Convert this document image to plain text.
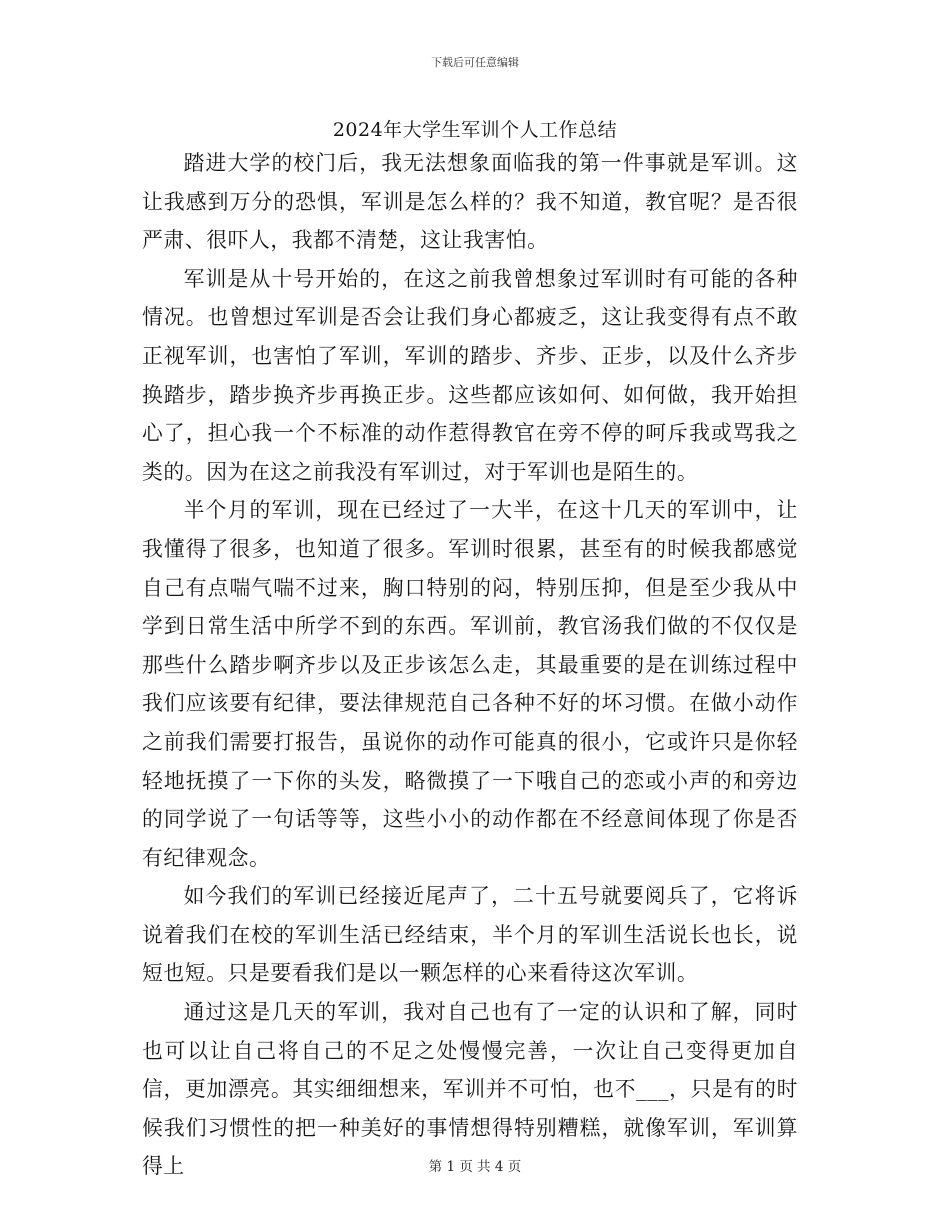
下载后可任意编辑
2024年大学生军训个人工作总结

踏进大学的校门后，我无法想象面临我的第一件事就是军训。这让我感到万分的恐惧，军训是怎么样的？我不知道，教官呢？是否很严肃、很吓人，我都不清楚，这让我害怕。

军训是从十号开始的，在这之前我曾想象过军训时有可能的各种情况。也曾想过军训是否会让我们身心都疲乏，这让我变得有点不敢正视军训，也害怕了军训，军训的踏步、齐步、正步，以及什么齐步换踏步，踏步换齐步再换正步。这些都应该如何、如何做，我开始担心了，担心我一个不标准的动作惹得教官在旁不停的呵斥我或骂我之类的。因为在这之前我没有军训过，对于军训也是陌生的。

半个月的军训，现在已经过了一大半，在这十几天的军训中，让我懂得了很多，也知道了很多。军训时很累，甚至有的时候我都感觉自己有点喘气喘不过来，胸口特别的闷，特别压抑，但是至少我从中学到日常生活中所学不到的东西。军训前，教官汤我们做的不仅仅是那些什么踏步啊齐步以及正步该怎么走，其最重要的是在训练过程中我们应该要有纪律，要法律规范自己各种不好的坏习惯。在做小动作之前我们需要打报告，虽说你的动作可能真的很小，它或许只是你轻轻地抚摸了一下你的头发，略微摸了一下哦自己的恋或小声的和旁边的同学说了一句话等等，这些小小的动作都在不经意间体现了你是否有纪律观念。

如今我们的军训已经接近尾声了，二十五号就要阅兵了，它将诉说着我们在校的军训生活已经结束，半个月的军训生活说长也长，说短也短。只是要看我们是以一颗怎样的心来看待这次军训。

通过这是几天的军训，我对自己也有了一定的认识和了解，同时也可以让自己将自己的不足之处慢慢完善，一次让自己变得更加自信，更加漂亮。其实细细想来，军训并不可怕，也不___，只是有的时候我们习惯性的把一种美好的事情想得特别糟糕，就像军训，军训算得上	第 1 页 共 4 页
